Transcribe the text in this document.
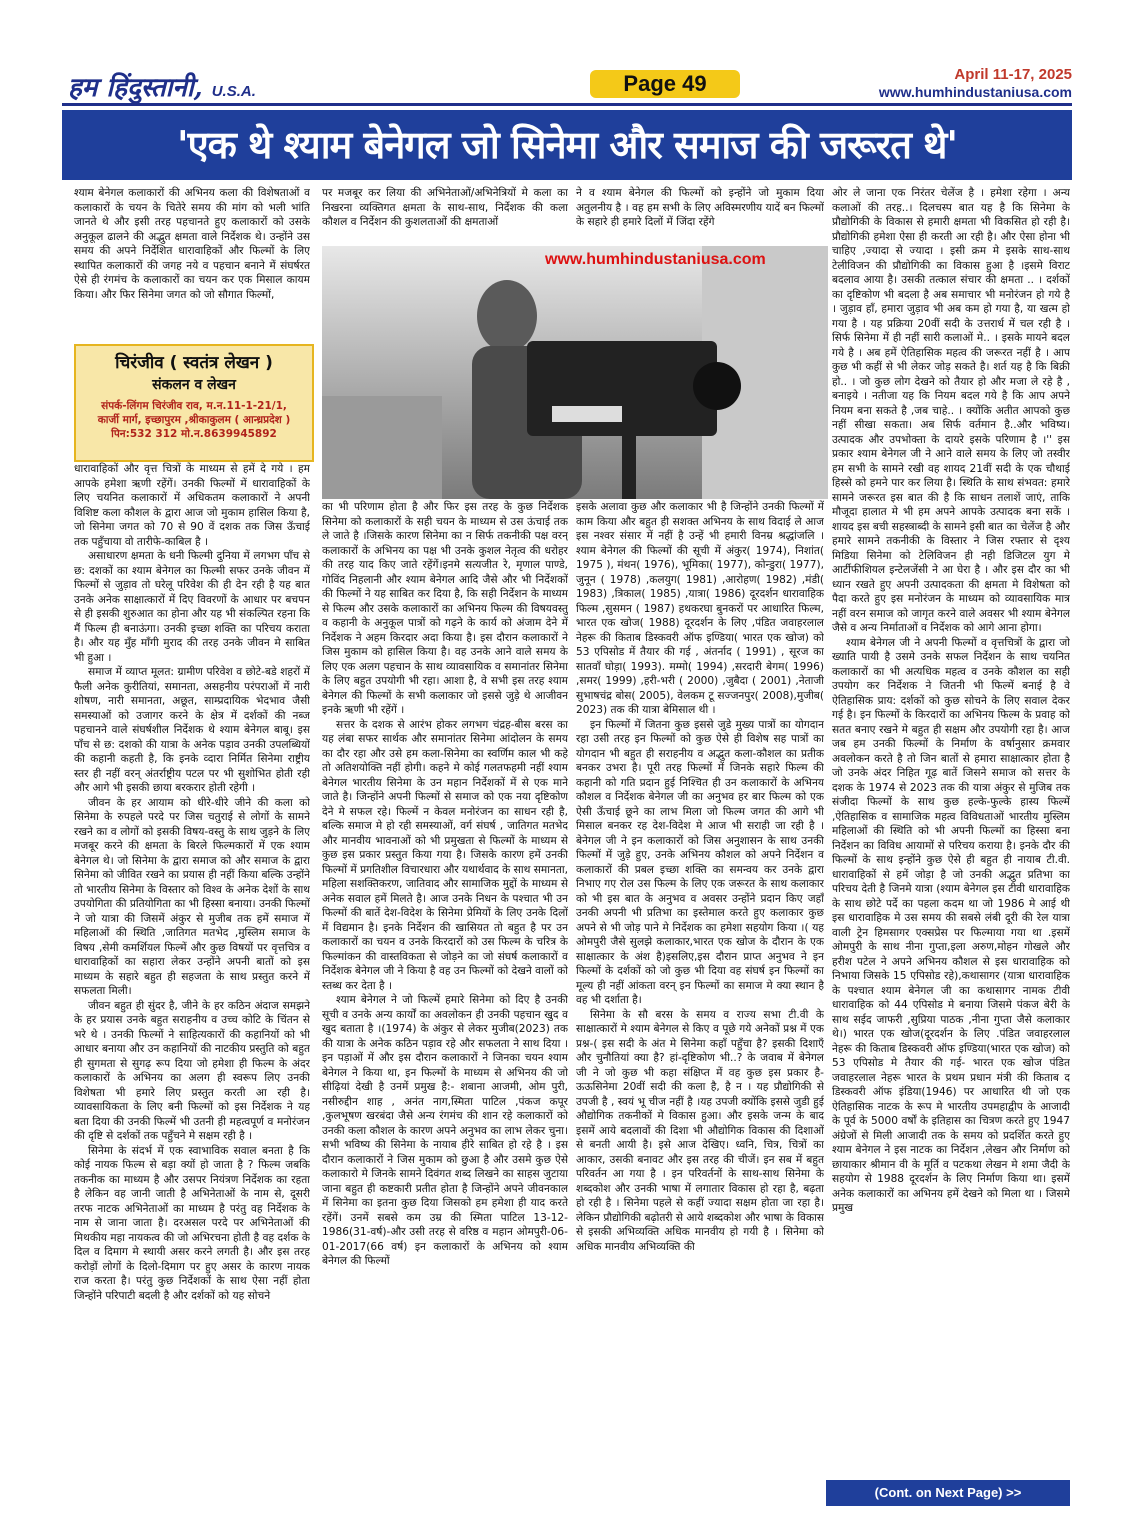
हम हिंदुस्तानी, U.S.A.	Page 49	April 11-17, 2025
www.humhindustaniusa.com
'एक थे श्याम बेनेगल जो सिनेमा और समाज की जरूरत थे'

श्याम बेनेगल कलाकारों की अभिनय कला की विशेषताओं व कलाकारों के चयन के चितेरे समय की मांग को भली भांति जानते थे और इसी तरह पहचानते हुए कलाकारों को उसके अनुकूल ढालने की अद्भुत क्षमता वाले निर्देशक थे। उन्होंने उस समय की अपने निर्देशित धारावाहिकों और फिल्मों के लिए स्थापित कलाकारों की जगह नये व पहचान बनाने में संघर्षरत ऐसे ही रंगमंच के कलाकारों का चयन कर एक मिसाल कायम किया। और फिर सिनेमा जगत को जो सौगात फिल्मों,

चिरंजीव ( स्वतंत्र लेखन )
संकलन व लेखन
संपर्क-लिंगम चिरंजीव राव, म.न.11-1-21/1,
कार्जी मार्ग, इच्छापुरम ,श्रीकाकुलम ( आन्ध्रप्रदेश )
पिन:532 312 मो.न.8639945892

धारावाहिकों और वृत्त चित्रों के माध्यम से हमें दे गये । हम आपके हमेशा ऋणी रहेंगें। उनकी फिल्मों में धारावाहिकों के लिए चयनित कलाकारों में अधिकतम कलाकारों ने अपनी विशिष्ट कला कौशल के द्वारा आज जो मुकाम हासिल किया है, जो सिनेमा जगत को 70 से 90 वें दशक तक जिस ऊँचाई तक पहुँचाया वो तारीफे-काबिल है ।

असाधारण क्षमता के धनी फिल्मी दुनिया में लगभग पाँच से छ: दशकों का श्याम बेनेगल का फिल्मी सफर उनके जीवन में फिल्मों से जुड़ाव तो घरेलू परिवेश की ही देन रही है यह बात उनके अनेक साक्षात्कारों में दिए विवरणों के आधार पर बचपन से ही इसकी शुरुआत का होना और यह भी संकल्पित रहना कि मैं फिल्म ही बनाऊंगा। उनकी इच्छा शक्ति का परिचय कराता है। और यह मुँह माँगी मुराद की तरह उनके जीवन मे साबित भी हुआ ।

समाज में व्याप्त मूलत: ग्रामीण परिवेश व छोटे-बडे शहरों में फैली अनेक कुरीतियां, समानता, असहनीय परंपराओं में नारी शोषण, नारी समानता, अछूत, साम्प्रदायिक भेदभाव जैसी समस्याओं को उजागर करने के क्षेत्र में दर्शकों की नब्ज पहचानने वाले संघर्षशील निर्देशक थे श्याम बेनेगल बाबू। इस पाँच से छ: दशको की यात्रा के अनेक पड़ाव उनकी उपलब्धियों की कहानी कहती है, कि इनके व्दारा निर्मित सिनेमा राष्ट्रीय स्तर ही नहीं वरन् अंतर्राष्ट्रीय पटल पर भी सुशोभित होती रही और आगे भी इसकी छाया बरकरार होती रहेगी ।

जीवन के हर आयाम को धीरे-धीरे जीने की कला को सिनेमा के रुपहले परदे पर जिस चतुराई से लोगों के सामने रखने का व लोगों को इसकी विषय-वस्तु के साथ जुड़ने के लिए मजबूर करने की क्षमता के बिरले फिल्मकारों में एक श्याम बेनेगल थे। जो सिनेमा के द्वारा समाज को और समाज के द्वारा सिनेमा को जीवित रखने का प्रयास ही नहीं किया बल्कि उन्होंने तो भारतीय सिनेमा के विस्तार को विश्व के अनेक देशों के साथ उपयोगिता की प्रतियोगिता का भी हिस्सा बनाया। उनकी फिल्मों ने जो यात्रा की जिसमें अंकुर से मुजीब तक हमें समाज में महिलाओं की स्थिति ,जातिगत मतभेद ,मुस्लिम समाज के विषय ,सेमी कमर्शियल फिल्में और कुछ विषयों पर वृत्तचित्र व धारावाहिकों का सहारा लेकर उन्होंने अपनी बातों को इस माध्यम के सहारे बहुत ही सहजता के साथ प्रस्तुत करने में सफलता मिली।

जीवन बहुत ही सुंदर है, जीने के हर कठिन अंदाज समझने के हर प्रयास उनके बहुत सराहनीय व उच्च कोटि के चिंतन से भरे थे । उनकी फिल्मों ने साहित्यकारों की कहानियों को भी आधार बनाया और उन कहानियों की नाटकीय प्रस्तुति को बहुत ही सुगमता से सुगढ़ रूप दिया जो हमेशा ही फिल्म के अंदर कलाकारों के अभिनय का अलग ही स्वरूप लिए उनकी विशेषता भी हमारे लिए प्रस्तुत करती आ रही है। व्यावसायिकता के लिए बनी फिल्मों को इस निर्देशक ने यह बता दिया की उनकी फिल्में भी उतनी ही महत्वपूर्ण व मनोरंजन की दृष्टि से दर्शकों तक पहुँचने मे सक्षम रही है ।

सिनेमा के संदर्भ में एक स्वाभाविक सवाल बनता है कि कोई नायक फिल्म से बड़ा क्यों हो जाता है ? फिल्म जबकि तकनीक का माध्यम है और उसपर नियंत्रण निर्देशक का रहता है लेकिन वह जानी जाती है अभिनेताओं के नाम से, दूसरी तरफ नाटक अभिनेताओं का माध्यम है परंतु वह निर्देशक के नाम से जाना जाता है। दरअसल परदे पर अभिनेताओं की मिथकीय महा नायकत्व की जो अभिरचना होती है वह दर्शक के दिल व दिमाग मे स्थायी असर करने लगती है। और इस तरह करोड़ों लोगों के दिलो-दिमाग पर हुए असर के कारण नायक राज करता है। परंतु कुछ निर्देशकों के साथ ऐसा नहीं होता जिन्होंने परिपाटी बदली है और दर्शकों को यह सोचने

पर मजबूर कर लिया की अभिनेताओं/अभिनेत्रियों मे कला का निखरना व्यक्तिगत क्षमता के साथ-साथ, निर्देशक की कला कौशल व निर्देशन की कुशलताओं की क्षमताओं

ने व श्याम बेनेगल की फिल्मों को इन्होंने जो मुकाम दिया अतुलनीय है । वह हम सभी के लिए अविस्मरणीय यादें बन फिल्मों के सहारे ही हमारे दिलों में जिंदा रहेंगे

www.humhindustaniusa.com

का भी परिणाम होता है और फिर इस तरह के कुछ निर्देशक सिनेमा को कलाकारों के सही चयन के माध्यम से उस ऊंचाई तक ले जाते है ।जिसके कारण सिनेमा का न सिर्फ तकनीकी पक्ष वरन् कलाकारों के अभिनय का पक्ष भी उनके कुशल नेतृत्व की धरोहर की तरह याद किए जाते रहेंगें।इनमे सत्यजीत रे, मृणाल पाण्डे, गोविंद निहलानी और श्याम बेनेगल आदि जैसे और भी निर्देशकों की फिल्मों ने यह साबित कर दिया है, कि सही निर्देशन के माध्यम से फिल्म और उसके कलाकारों का अभिनय फिल्म की विषयवस्तु व कहानी के अनुकूल पात्रों को गढ़ने के कार्य को अंजाम देने में निर्देशक ने अहम किरदार अदा किया है। इस दौरान कलाकारों ने जिस मुकाम को हासिल किया है। वह उनके आने वाले समय के लिए एक अलग पहचान के साथ व्यावसायिक व समानांतर सिनेमा के लिए बहुत उपयोगी भी रहा। आशा है, वे सभी इस तरह श्याम बेनेगल की फिल्मों के सभी कलाकार जो इससे जुड़े थे आजीवन इनके ऋणी भी रहेंगें ।

सत्तर के दशक से आरंभ होकर लगभग चंद्रह-बीस बरस का यह लंबा सफर सार्थक और समानांतर सिनेमा आंदोलन के समय का दौर रहा और उसे हम कला-सिनेमा का स्वर्णिम काल भी कहे तो अतिशयोक्ति नहीं होगी। कहने मे कोई गलतफहमी नहीं श्याम बेनेगल भारतीय सिनेमा के उन महान निर्देशकों में से एक माने जाते है। जिन्होंने अपनी फिल्मों से समाज को एक नया दृष्टिकोण देने मे सफल रहे। फिल्में न केवल मनोरंजन का साधन रही है, बल्कि समाज मे हो रही समस्याओं, वर्ग संघर्ष , जातिगत मतभेद और मानवीय भावनाओं को भी प्रमुखता से फिल्मों के माध्यम से कुछ इस प्रकार प्रस्तुत किया गया है। जिसके कारण हमें उनकी फिल्मों में प्रगतिशील विचारधारा और यथार्थवाद के साथ समानता, महिला सशक्तिकरण, जातिवाद और सामाजिक मुद्दों के माध्यम से अनेक सवाल हमें मिलते है। आज उनके निधन के पश्चात भी उन फिल्मों की बातें देश-विदेश के सिनेमा प्रेमियों के लिए उनके दिलों में विद्यमान है। इनके निर्देशन की खासियत तो बहुत है पर उन कलाकारों का चयन व उनके किरदारों को उस फिल्म के चरित्र के फिल्मांकन की वास्तविकता से जोड़ने का जो संघर्ष कलाकारों व निर्देशक बेनेगल जी ने किया है वह उन फिल्मों को देखने वालों को स्तब्ध कर देता है ।

श्याम बेनेगल ने जो फिल्में हमारे सिनेमा को दिए है उनकी सूची व उनके अन्य कार्यों का अवलोकन ही उनकी पहचान खुद व खुद बताता है ।(1974) के अंकुर से लेकर मुजीब(2023) तक की यात्रा के अनेक कठिन पड़ाव रहे और सफलता ने साथ दिया । इन पड़ाओं में और इस दौरान कलाकारों ने जिनका चयन श्याम बेनेगल ने किया था, इन फिल्मों के माध्यम से अभिनय की जो सीढ़ियां देखी है उनमें प्रमुख है:- शबाना आजमी, ओम पुरी, नसीरुद्दीन शाह , अनंत नाग,स्मिता पाटिल ,पंकज कपूर ,कुलभूषण खरबंदा जैसे अन्य रंगमंच की शान रहे कलाकारों को उनकी कला कौशल के कारण अपने अनुभव का लाभ लेकर चुना। सभी भविष्य की सिनेमा के नायाब हीरे साबित हो रहे है । इस दौरान कलाकारों ने जिस मुकाम को छुआ है और उसमे कुछ ऐसे कलाकारो मे जिनके सामने दिवंगत शब्द लिखने का साहस जुटाया जाना बहुत ही कष्टकारी प्रतीत होता है जिन्होंने अपने जीवनकाल में सिनेमा का इतना कुछ दिया जिसको हम हमेशा ही याद करते रहेंगें। उनमें सबसे कम उम्र की स्मिता पाटिल 13-12-1986(31-वर्ष)-और उसी तरह से वरिष्ठ व महान ओमपुरी-06-01-2017(66 वर्ष) इन कलाकारों के अभिनय को श्याम बेनेगल की फिल्मों

इसके अलावा कुछ और कलाकार भी है जिन्होंने उनकी फिल्मों में काम किया और बहुत ही सशक्त अभिनय के साथ विदाई ले आज इस नश्वर संसार में नहीं है उन्हें भी हमारी विनम्र श्रद्धांजलि । श्याम बेनेगल की फिल्मों की सूची में अंकुर( 1974), निशांत( 1975 ), मंथन( 1976), भूमिका( 1977), कोन्डुरा( 1977), जुनून ( 1978) ,कलयुग( 1981) ,आरोहण( 1982) ,मंडी( 1983) ,त्रिकाल( 1985) ,यात्रा( 1986) दूरदर्शन धारावाहिक फिल्म ,सुसमन ( 1987) हथकरघा बुनकरों पर आधारित फिल्म, भारत एक खोज( 1988) दूरदर्शन के लिए ,पंडित जवाहरलाल नेहरू की किताब डिस्कवरी ऑफ इण्डिया( भारत एक खोज) को 53 एपिसोड में तैयार की गई , अंतर्नाद ( 1991) , सूरज का सातवाँ घोड़ा( 1993). मम्मो( 1994) ,सरदारी बेगम( 1996) ,समर( 1999) ,हरी-भरी ( 2000) ,जुबैदा ( 2001) ,नेताजी सुभाषचंद्र बोस( 2005), वेलकम टू सज्जनपुर( 2008),मुजीब( 2023) तक की यात्रा बेमिसाल थी ।

इन फिल्मों में जितना कुछ इससे जुडे मुख्य पात्रों का योगदान रहा उसी तरह इन फिल्मों को कुछ ऐसे ही विशेष सह पात्रों का योगदान भी बहुत ही सराहनीय व अद्भुत कला-कौशल का प्रतीक बनकर उभरा है। पूरी तरह फिल्मों में जिनके सहारे फिल्म की कहानी को गति प्रदान हुई निश्चित ही उन कलाकारों के अभिनय कौशल व निर्देशक बेनेगल जी का अनुभव हर बार फिल्म को एक ऐसी ऊँचाई छूने का लाभ मिला जो फिल्म जगत की आगे भी मिसाल बनकर रह देश-विदेश मे आज भी सराही जा रही है ।बेनेगल जी ने इन कलाकारों को जिस अनुशासन के साथ उनकी फिल्मों में जुड़े हुए, उनके अभिनय कौशल को अपने निर्देशन व कलाकारों की प्रबल इच्छा शक्ति का समन्वय कर उनके द्वारा निभाए गए रोल उस फिल्म के लिए एक जरूरत के साथ कलाकार को भी इस बात के अनुभव व अवसर उन्होंने प्रदान किए जहाँ उनकी अपनी भी प्रतिभा का इस्तेमाल करते हुए कलाकार कुछ अपने से भी जोड़ पाने मे निर्देशक का हमेशा सहयोग किया ।( यह ओमपुरी जैसे सुलझे कलाकार,भारत एक खोज के दौरान के एक साक्षात्कार के अंश है)इसलिए,इस दौरान प्राप्त अनुभव ने इन फिल्मों के दर्शकों को जो कुछ भी दिया वह संघर्ष इन फिल्मों का मूल्य ही नहीं आंकता वरन् इन फिल्मों का समाज मे क्या स्थान है वह भी दर्शाता है।

सिनेमा के सौ बरस के समय व राज्य सभा टी.वी के साक्षात्कारों मे श्याम बेनेगल से किए व पूछे गये अनेकों प्रश्न में एक प्रश्न-( इस सदी के अंत मे सिनेमा कहाँ पहुँचा है? इसकी दिशाएँ और चुनौतियां क्या है? हां-दृष्टिकोण भी..? के जवाब में बेनेगल जी ने जो कुछ भी कहा संक्षिप्त में वह कुछ इस प्रकार है-ऊऊसिनेमा 20वीं सदी की कला है, है न । यह प्रौद्योगिकी से उपजी है , स्वयं भू चीज नहीं है ।यह उपजी क्योंकि इससे जुडी हुई औद्योगिक तकनीकों मे विकास हुआ। और इसके जन्म के बाद इसमें आये बदलावों की दिशा भी औद्योगिक विकास की दिशाओं से बनती आयी है। इसे आज देखिए। ध्वनि, चित्र, चित्रों का आकार, उसकी बनावट और इस तरह की चीजें। इन सब में बहुत परिवर्तन आ गया है । इन परिवर्तनों के साथ-साथ सिनेमा के शब्दकोश और उनकी भाषा में लगातार विकास हो रहा है, बढ़ता हो रही है । सिनेमा पहले से कहीं ज्यादा सक्षम होता जा रहा है। लेकिन प्रौद्योगिकी बढ़ोतरी से आये शब्दकोश और भाषा के विकास से इसकी अभिव्यक्ति अधिक मानवीय हो गयी है । सिनेमा को अधिक मानवीय अभिव्यक्ति की

ओर ले जाना एक निरंतर चेलेंज है । हमेशा रहेगा । अन्य कलाओं की तरह..। दिलचस्प बात यह है कि सिनेमा के प्रौद्योगिकी के विकास से हमारी क्षमता भी विकसित हो रही है। प्रौद्योगिकी हमेशा ऐसा ही करती आ रही है। और ऐसा होना भी चाहिए ,ज्यादा से ज्यादा । इसी क्रम मे इसके साथ-साथ टेलीविजन की प्रौद्योगिकी का विकास हुआ है ।इसमे विराट बदलाव आया है। उसकी तत्काल संचार की क्षमता .. । दर्शकों का दृष्टिकोण भी बदला है अब समाचार भी मनोरंजन हो गये है । जुड़ाव हाँ, हमारा जुड़ाव भी अब कम हो गया है, या खत्म हो गया है । यह प्रक्रिया 20वीं सदी के उत्तरार्ध में चल रही है । सिर्फ सिनेमा में ही नहीं सारी कलाओं मे.. । इसके मायने बदल गये है । अब हमें ऐतिहासिक महत्व की जरूरत नहीं है । आप कुछ भी कहीं से भी लेकर जोड़ सकते है। शर्त यह है कि बिक्री हो.. । जो कुछ लोग देखने को तैयार हो और मजा ले रहे है , बनाइये । नतीजा यह कि नियम बदल गये है कि आप अपने नियम बना सकते है ,जब चाहे.. । क्योंकि अतीत आपको कुछ नहीं सीखा सकता। अब सिर्फ वर्तमान है..और भविष्य। उत्पादक और उपभोक्ता के दायरे इसके परिणाम है ।'' इस प्रकार श्याम बेनेगल जी ने आने वाले समय के लिए जो तस्वीर हम सभी के सामने रखी वह शायद 21वीं सदी के एक चौथाई हिस्से को हमने पार कर लिया है। स्थिति के साथ संभवत: हमारे सामने जरूरत इस बात की है कि साधन तलाशें जाएं, ताकि मौजूदा हालात मे भी हम अपने आपके उत्पादक बना सकें ।शायद इस बची सहस्त्राब्दी के सामने इसी बात का चेलेंज है और हमारे सामने तकनीकी के विस्तार ने जिस रफ्तार से दृश्य मिडिया सिनेमा को टेलिविजन ही नही डिजिटल युग मे आर्टीफीशियल इन्टेलजेंसी ने आ घेरा है । और इस दौर का भी ध्यान रखते हुए अपनी उत्पादकता की क्षमता मे विशेषता को पैदा करते हुए इस मनोरंजन के माध्यम को व्यावसायिक मात्र नहीं वरन समाज को जागृत करने वाले अवसर भी श्याम बेनेगल जैसे व अन्य निर्माताओं व निर्देशक को आगे आना होगा।

श्याम बेनेगल जी ने अपनी फिल्मों व वृत्तचित्रों के द्वारा जो ख्याति पायी है उसमे उनके सफल निर्देशन के साथ चयनित कलाकारों का भी अत्यधिक महत्व व उनके कौशल का सही उपयोग कर निर्देशक ने जितनी भी फिल्में बनाई है वे ऐतिहासिक प्राय: दर्शकों को कुछ सोचने के लिए सवाल देकर गई है। इन फिल्मों के किरदारों का अभिनय फिल्म के प्रवाह को सतत बनाए रखने मे बहुत ही सक्षम और उपयोगी रहा है। आज जब हम उनकी फिल्मों के निर्माण के वर्षानुसार क्रमवार अवलोकन करते है तो जिन बातों से हमारा साक्षात्कार होता है जो उनके अंदर निहित गूढ़ बातें जिसने समाज को सत्तर के दशक के 1974 से 2023 तक की यात्रा अंकुर से मुजिब तक संजीदा फिल्मों के साथ कुछ हल्के-फुल्के हास्य फिल्में ,ऐतिहासिक व सामाजिक महत्व विविधताओं भारतीय मुस्लिम महिलाओं की स्थिति को भी अपनी फिल्मों का हिस्सा बना निर्देशन का विविध आयामों से परिचय कराया है। इनके दौर की फिल्मों के साथ इन्होंने कुछ ऐसे ही बहुत ही नायाब टी.वी. धारावाहिकों से हमें जोड़ा है जो उनकी अद्भुत प्रतिभा का परिचय देती है जिनमे यात्रा (श्याम बेनेगल इस टीवी धारावाहिक के साथ छोटे पर्दे का पहला कदम था जो 1986 मे आई थी इस धारावाहिक मे उस समय की सबसे लंबी दूरी की रेल यात्रा वाली ट्रेन हिमसागर एक्सप्रेस पर फिल्माया गया था .इसमें ओमपुरी के साथ नीना गुप्ता,इला अरुण,मोहन गोखले और हरीश पटेल ने अपने अभिनय कौशल से इस धारावाहिक को निभाया जिसके 15 एपिसोड रहे),कथासागर (यात्रा धारावाहिक के पश्चात श्याम बेनेगल जी का कथासागर नामक टीवी धारावाहिक को 44 एपिसोड मे बनाया जिसमे पंकज बेरी के साथ सईद जाफरी ,सुप्रिया पाठक ,नीना गुप्ता जैसे कलाकार थे।) भारत एक खोज(दूरदर्शन के लिए .पंडित जवाहरलाल नेहरू की किताब डिस्कवरी ऑफ इण्डिया(भारत एक खोज) को 53 एपिसोड मे तैयार की गई- भारत एक खोज पंडित जवाहरलाल नेहरू भारत के प्रथम प्रधान मंत्री की किताब द डिस्कवरी ऑफ इंडिया(1946) पर आधारित थी जो एक ऐतिहासिक नाटक के रूप मे भारतीय उपमहाद्वीप के आजादी के पूर्व के 5000 वर्षों के इतिहास का चित्रण करते हुए 1947 अंग्रेजों से मिली आजादी तक के समय को प्रदर्शित करते हुए श्याम बेनेगल ने इस नाटक का निर्देशन ,लेखन और निर्माण को छायाकार श्रीमान वी के मूर्ति व पटकथा लेखन मे शमा जैदी के सहयोग से 1988 दूरदर्शन के लिए निर्माण किया था। इसमें अनेक कलाकारों का अभिनय हमें देखने को मिला था । जिसमे प्रमुख

(Cont. on Next Page) >>
